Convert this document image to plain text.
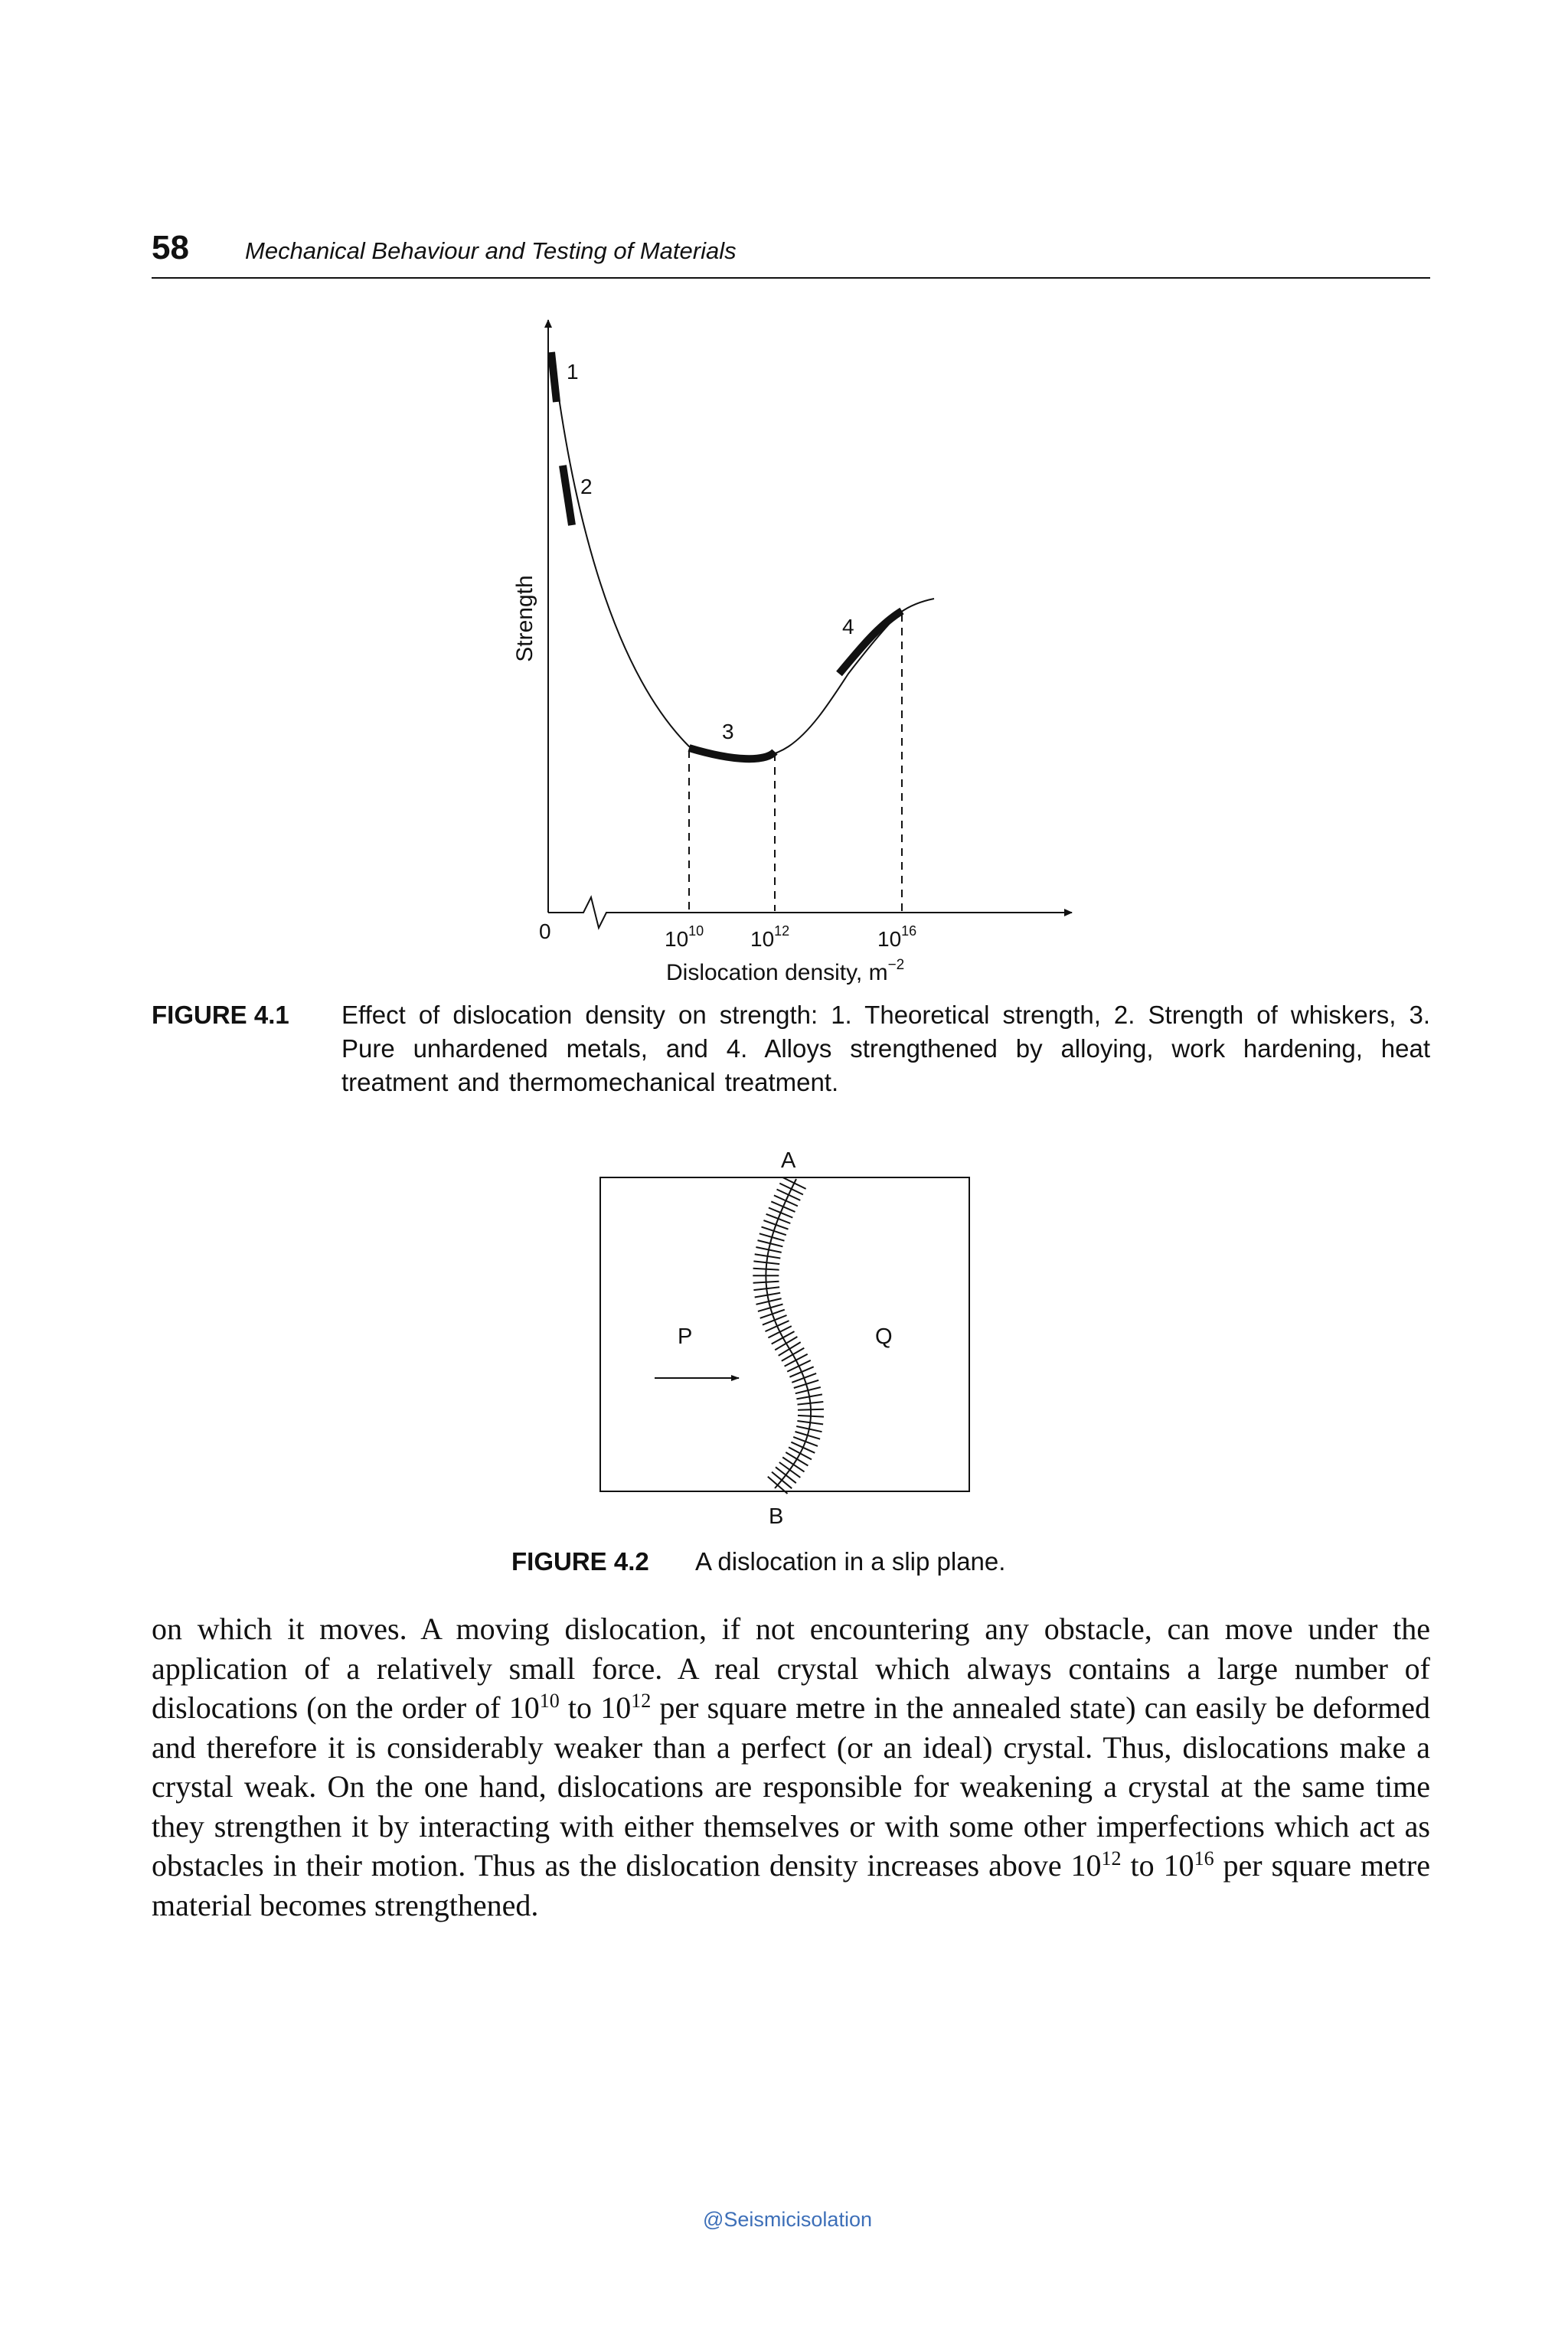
58 Mechanical Behaviour and Testing of Materials
1
2
3
4
Strength
0	$10^{10}$ $10^{12}$	$10^{16}$
Dislocation density, $m^{-2}$
FIGURE 4.1 Effect of dislocation density on strength: 1. Theoretical strength, 2. Strength of whiskers, 3. Pure unhardened metals, and 4. Alloys strengthened by alloying, work hardening, heat treatment and thermomechanical treatment.
A
B
P	Q
FIGURE 4.2 A dislocation in a slip plane.

on which it moves. A moving dislocation, if not encountering any obstacle, can move under the application of a relatively small force. A real crystal which always contains a large number of dislocations (on the order of $10^{10}$ to $10^{12}$ per square metre in the annealed state) can easily be deformed and therefore it is considerably weaker than a perfect (or an ideal) crystal. Thus, dislocations make a crystal weak. On the one hand, dislocations are responsible for weakening a crystal at the same time they strengthen it by interacting with either themselves or with some other imperfections which act as obstacles in their motion. Thus as the dislocation density increases above $10^{12}$ to $10^{16}$ per square metre material becomes strengthened.

@Seismicisolation
